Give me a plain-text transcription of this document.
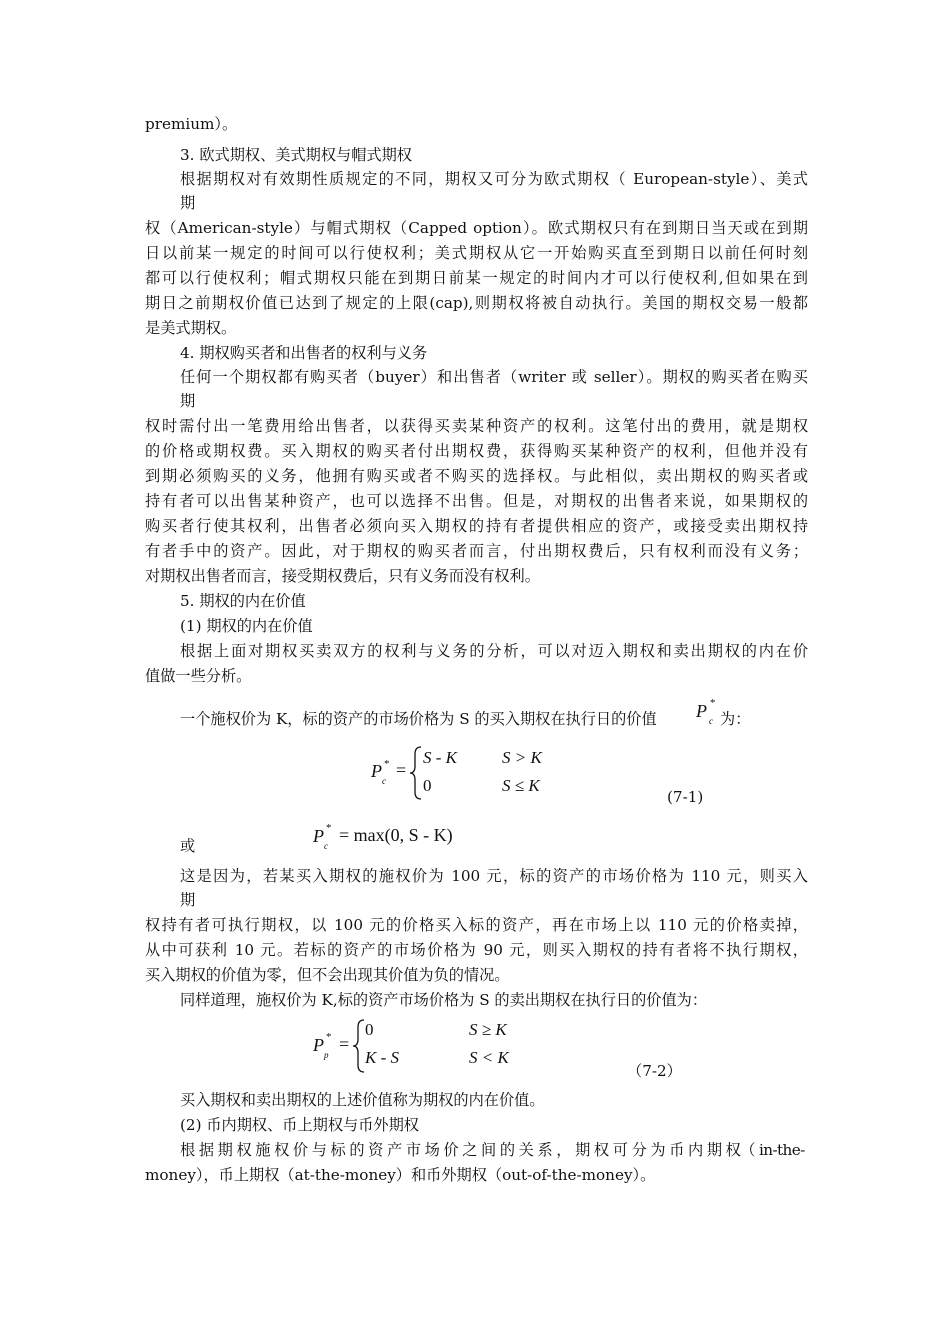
premium）。
3. 欧式期权、美式期权与帽式期权
根据期权对有效期性质规定的不同，期权又可分为欧式期权（ European-style）、美式
期
权（American-style）与帽式期权（Capped option）。欧式期权只有在到期日当天或在到期
日以前某一规定的时间可以行使权利；美式期权从它一开始购买直至到期日以前任何时刻
都可以行使权利；帽式期权只能在到期日前某一规定的时间内才可以行使权利,但如果在到
期日之前期权价值已达到了规定的上限(cap),则期权将被自动执行。美国的期权交易一般都
是美式期权。
4. 期权购买者和出售者的权利与义务
任何一个期权都有购买者（buyer）和出售者（writer 或 seller）。期权的购买者在购买
期
权时需付出一笔费用给出售者，以获得买卖某种资产的权利。这笔付出的费用，就是期权
的价格或期权费。买入期权的购买者付出期权费，获得购买某种资产的权利，但他并没有
到期必须购买的义务，他拥有购买或者不购买的选择权。与此相似，卖出期权的购买者或
持有者可以出售某种资产，也可以选择不出售。但是，对期权的出售者来说，如果期权的
购买者行使其权利，出售者必须向买入期权的持有者提供相应的资产，或接受卖出期权持
有者手中的资产。因此，对于期权的购买者而言，付出期权费后，只有权利而没有义务；
对期权出售者而言，接受期权费后，只有义务而没有权利。
5. 期权的内在价值
(1) 期权的内在价值
根据上面对期权买卖双方的权利与义务的分析，可以对迈入期权和卖出期权的内在价
值做一些分析。
一个施权价为 K，标的资产的市场价格为 S 的买入期权在执行日的价值 P *
c 为：
P *
c
=
S - K	S > K
0	S ≤ K
(7-1)
或	P *
c
= max(0, S - K)
这是因为，若某买入期权的施权价为 100 元，标的资产的市场价格为 110 元，则买入
期
权持有者可执行期权，以 100 元的价格买入标的资产，再在市场上以 110 元的价格卖掉，
从中可获利 10 元。若标的资产的市场价格为 90 元，则买入期权的持有者将不执行期权，
买入期权的价值为零，但不会出现其价值为负的情况。
同样道理，施权价为 K,标的资产市场价格为 S 的卖出期权在执行日的价值为：
P *
p
=
0	S ≥ K
K - S	S < K
（7-2）
买入期权和卖出期权的上述价值称为期权的内在价值。
(2) 币内期权、币上期权与币外期权
根 据 期 权 施 权 价 与 标 的 资 产 市 场 价 之 间 的 关 系 ， 期 权 可 分 为 币 内 期 权（ in-the-
money），币上期权（at-the-money）和币外期权（out-of-the-money）。
